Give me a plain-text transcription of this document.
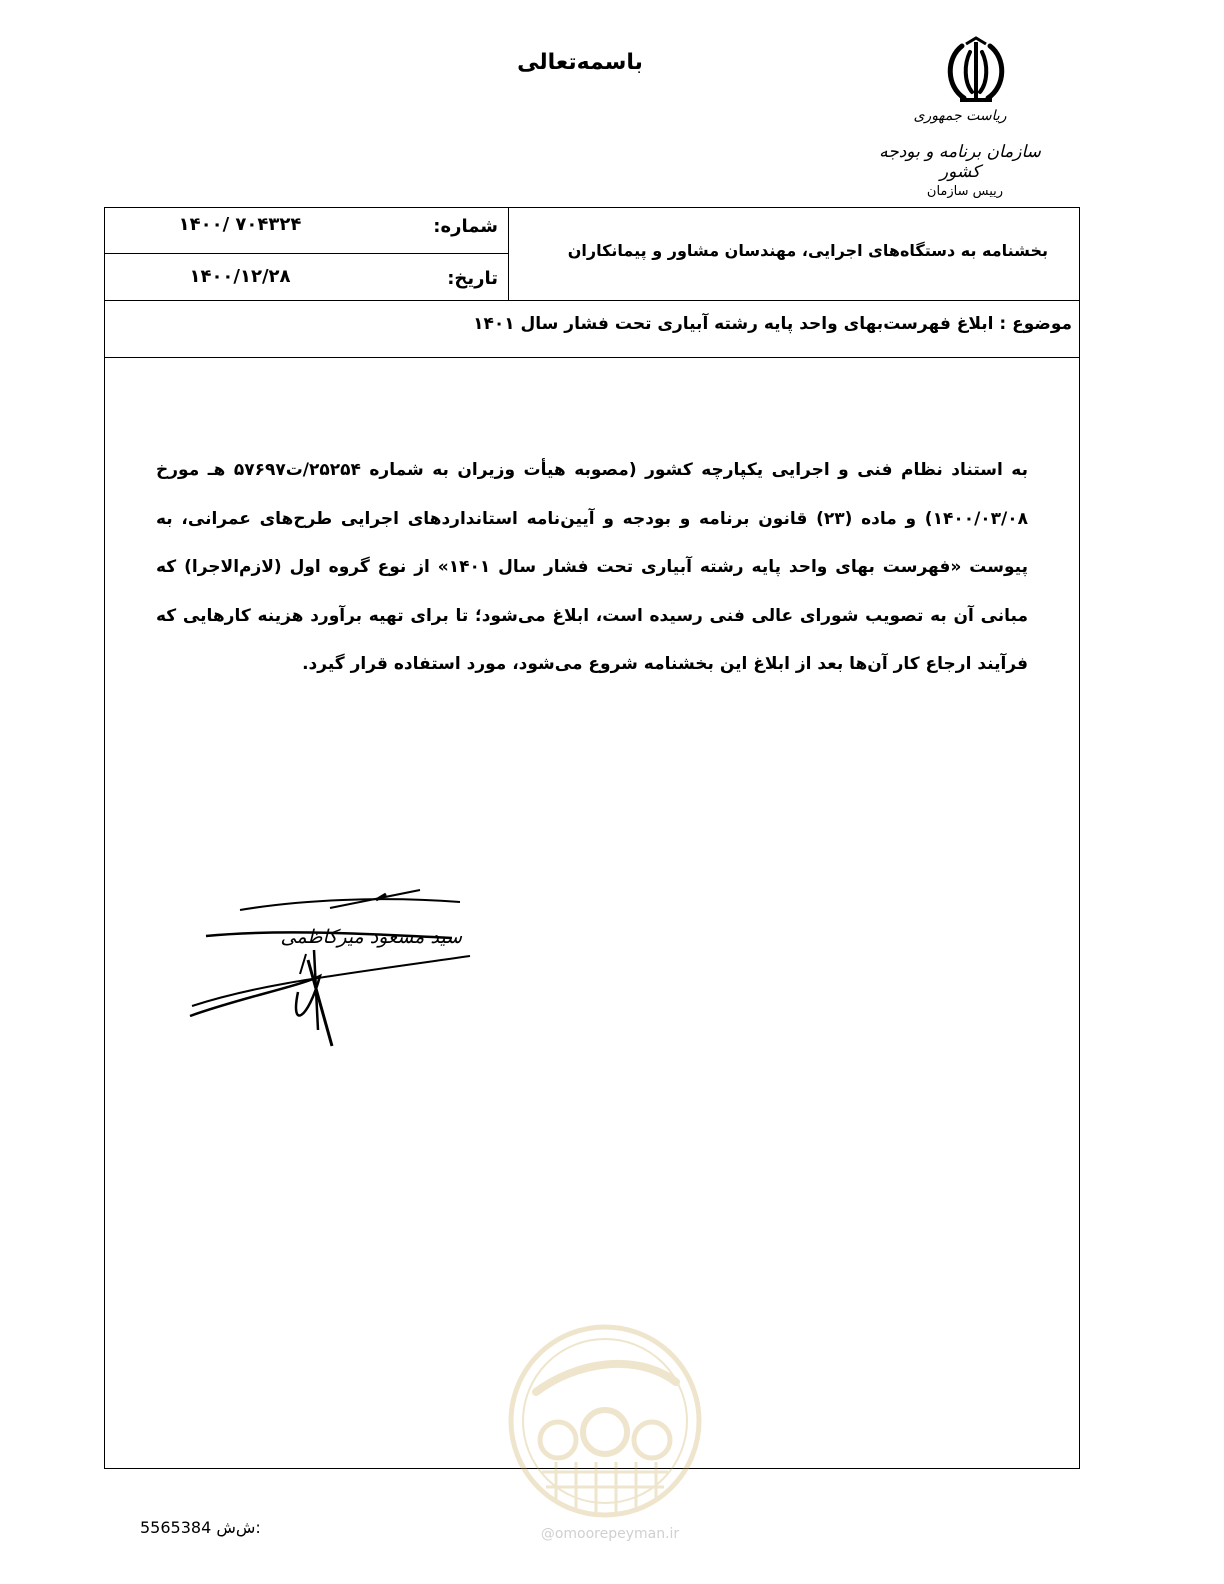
باسمه‌تعالی
ریاست جمهوری
سازمان برنامه و بودجه کشور
رییس سازمان
بخشنامه به دستگاه‌های اجرایی، مهندسان مشاور و پیمانکاران
شماره:
۱۴۰۰/ ۷۰۴۳۲۴
تاریخ:
۱۴۰۰/۱۲/۲۸
موضوع : ابلاغ فهرست‌بهای واحد پایه رشته آبیاری تحت فشار سال ۱۴۰۱
به استناد نظام فنی و اجرایی یکپارچه کشور (مصوبه هیأت وزیران به شماره ۲۵۲۵۴/ت۵۷۶۹۷ هـ مورخ ۱۴۰۰/۰۳/۰۸) و ماده (۲۳) قانون برنامه و بودجه و آیین‌نامه استانداردهای اجرایی طرح‌های عمرانی، به پیوست «فهرست بهای واحد پایه رشته آبیاری تحت فشار سال ۱۴۰۱» از نوع گروه اول (لازم‌الاجرا) که مبانی آن به تصویب شورای عالی فنی رسیده است، ابلاغ می‌شود؛ تا برای تهیه برآورد هزینه کارهایی که فرآیند ارجاع کار آن‌ها بعد از ابلاغ این بخشنامه شروع می‌شود، مورد استفاده قرار گیرد.
سید مسعود میرکاظمی
@omoorepeyman.ir
5565384 ش‌ش:
